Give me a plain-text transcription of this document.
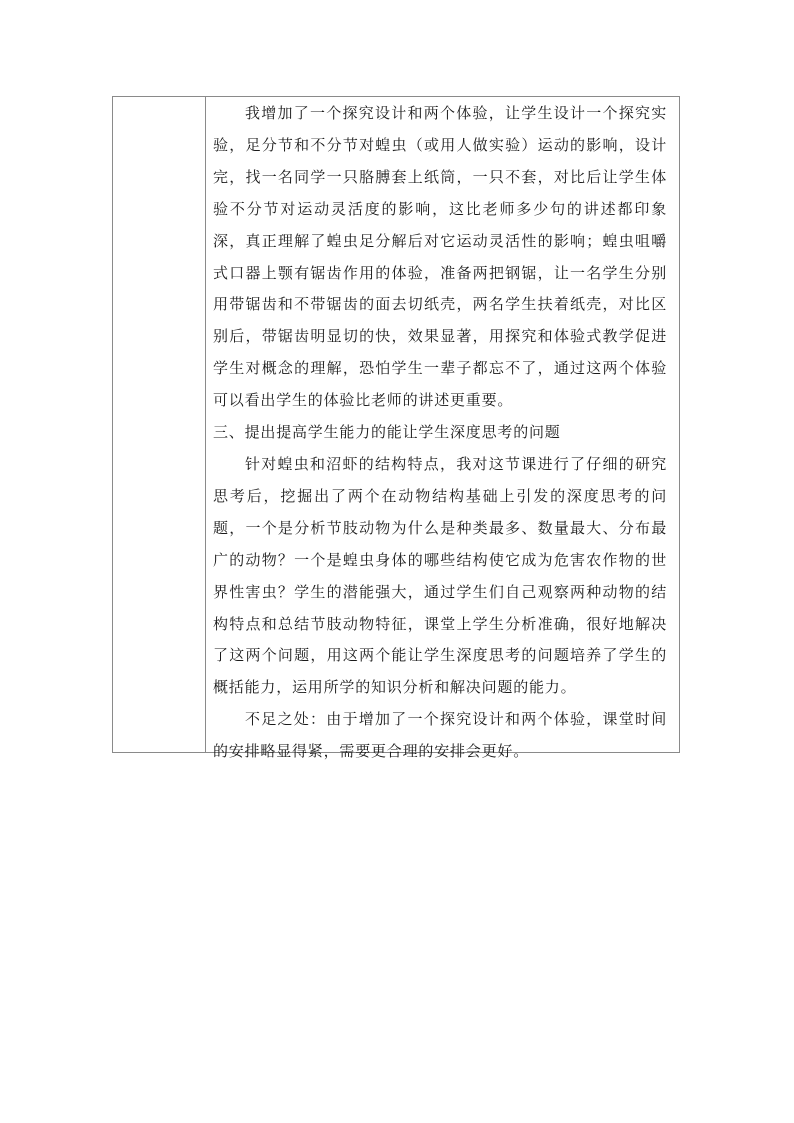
我增加了一个探究设计和两个体验，让学生设计一个探究实验，足分节和不分节对蝗虫（或用人做实验）运动的影响，设计完，找一名同学一只胳膊套上纸筒，一只不套，对比后让学生体验不分节对运动灵活度的影响，这比老师多少句的讲述都印象深，真正理解了蝗虫足分解后对它运动灵活性的影响；蝗虫咀嚼式口器上颚有锯齿作用的体验，准备两把钢锯，让一名学生分别用带锯齿和不带锯齿的面去切纸壳，两名学生扶着纸壳，对比区别后，带锯齿明显切的快，效果显著，用探究和体验式教学促进学生对概念的理解，恐怕学生一辈子都忘不了，通过这两个体验可以看出学生的体验比老师的讲述更重要。

三、提出提高学生能力的能让学生深度思考的问题

针对蝗虫和沼虾的结构特点，我对这节课进行了仔细的研究思考后，挖掘出了两个在动物结构基础上引发的深度思考的问题，一个是分析节肢动物为什么是种类最多、数量最大、分布最广的动物？一个是蝗虫身体的哪些结构使它成为危害农作物的世界性害虫？学生的潜能强大，通过学生们自己观察两种动物的结构特点和总结节肢动物特征，课堂上学生分析准确，很好地解决了这两个问题，用这两个能让学生深度思考的问题培养了学生的概括能力，运用所学的知识分析和解决问题的能力。

不足之处：由于增加了一个探究设计和两个体验，课堂时间的安排略显得紧，需要更合理的安排会更好。
